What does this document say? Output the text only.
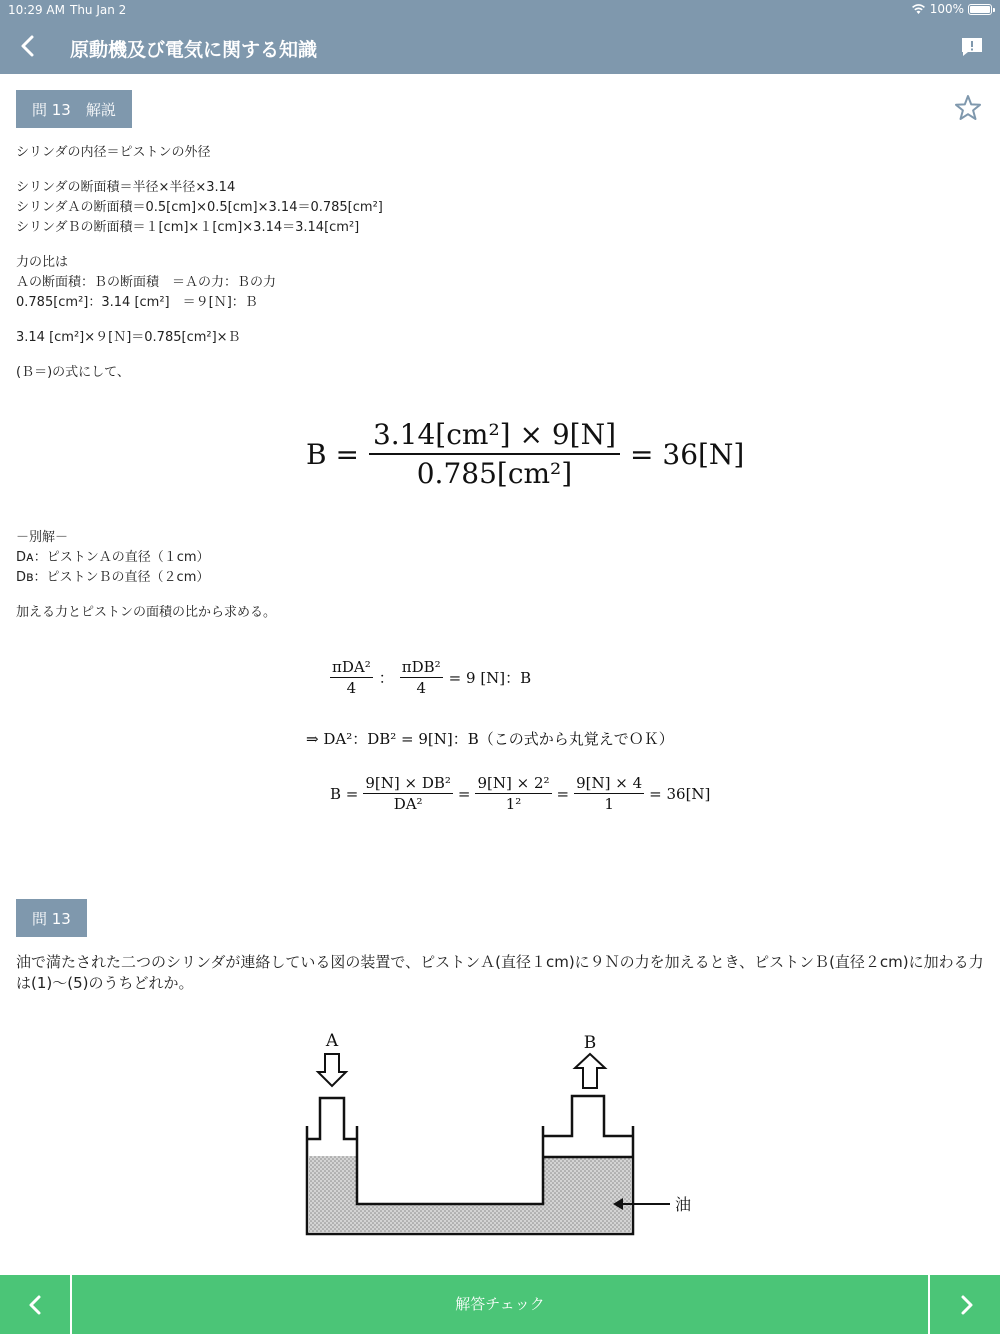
10:29 AM Thu Jan 2	100%
原動機及び電気に関する知識
問 13　解説

シリンダの内径＝ピストンの外径

シリンダの断面積＝半径×半径×3.14

シリンダＡの断面積＝0.5[cm]×0.5[cm]×3.14＝0.785[cm²]

シリンダＢの断面積＝１[cm]×１[cm]×3.14＝3.14[cm²]

力の比は

Ａの断面積：Ｂの断面積　＝Ａの力：Ｂの力

0.785[cm²]：3.14 [cm²]　＝９[Ｎ]：Ｂ

3.14 [cm²]×９[Ｎ]＝0.785[cm²]×Ｂ

(Ｂ＝)の式にして、

$B = \frac{\text{3.14[cm²] × 9[N]}}{\text{0.785[cm²]}} = 36[N]$

－別解－

Dᴀ：ピストンＡの直径（１cm）

Dʙ：ピストンＢの直径（２cm）

加える力とピストンの面積の比から求める。

$\frac{\text{πDA²}}{4}$ ： $\frac{\text{πDB²}}{4} = 9$ [N]：B
⇒ DA²：DB² = 9[N]：B（この式から丸覚えでＯＫ）
$B = \frac{\text{9[N] × DB²}}{\text{DA²}} = \frac{\text{9[N] × 2²}}{\text{1²}} = \frac{9[N] \times 4}{1} = 36[N]$
問 13
油で満たされた二つのシリンダが連絡している図の装置で、ピストンＡ(直径１cm)に９Ｎの力を加えるとき、ピストンＢ(直径２cm)に加わる力は(1)～(5)のうちどれか。
A	B
油
解答チェック
